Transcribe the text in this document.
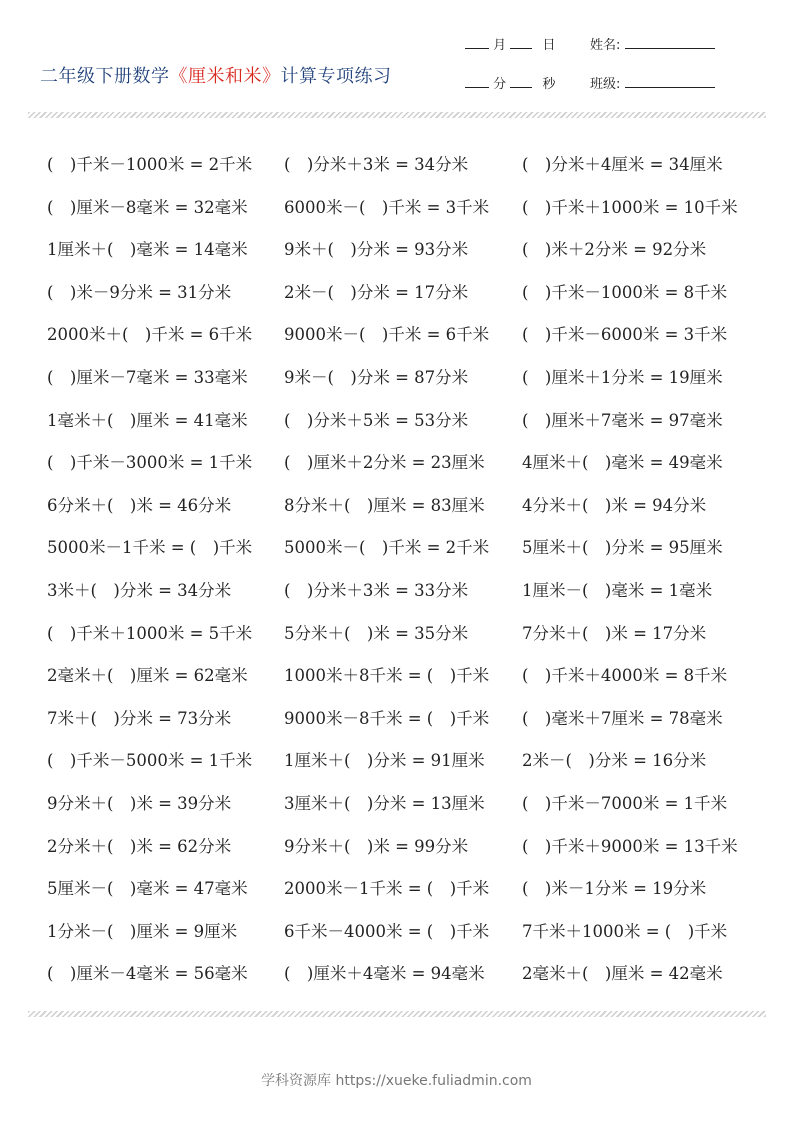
二年级下册数学《厘米和米》计算专项练习
月	日	姓名:
分	秒	班级:
(　)千米－1000米 = 2千米	(　)分米＋3米 = 34分米	(　)分米＋4厘米 = 34厘米
(　)厘米－8毫米 = 32毫米	6000米－(　)千米 = 3千米	(　)千米＋1000米 = 10千米
1厘米＋(　)毫米 = 14毫米	9米＋(　)分米 = 93分米	(　)米＋2分米 = 92分米
(　)米－9分米 = 31分米	2米－(　)分米 = 17分米	(　)千米－1000米 = 8千米
2000米＋(　)千米 = 6千米	9000米－(　)千米 = 6千米	(　)千米－6000米 = 3千米
(　)厘米－7毫米 = 33毫米	9米－(　)分米 = 87分米	(　)厘米＋1分米 = 19厘米
1毫米＋(　)厘米 = 41毫米	(　)分米＋5米 = 53分米	(　)厘米＋7毫米 = 97毫米
(　)千米－3000米 = 1千米	(　)厘米＋2分米 = 23厘米	4厘米＋(　)毫米 = 49毫米
6分米＋(　)米 = 46分米	8分米＋(　)厘米 = 83厘米	4分米＋(　)米 = 94分米
5000米－1千米 = (　)千米	5000米－(　)千米 = 2千米	5厘米＋(　)分米 = 95厘米
3米＋(　)分米 = 34分米	(　)分米＋3米 = 33分米	1厘米－(　)毫米 = 1毫米
(　)千米＋1000米 = 5千米	5分米＋(　)米 = 35分米	7分米＋(　)米 = 17分米
2毫米＋(　)厘米 = 62毫米	1000米＋8千米 = (　)千米	(　)千米＋4000米 = 8千米
7米＋(　)分米 = 73分米	9000米－8千米 = (　)千米	(　)毫米＋7厘米 = 78毫米
(　)千米－5000米 = 1千米	1厘米＋(　)分米 = 91厘米	2米－(　)分米 = 16分米
9分米＋(　)米 = 39分米	3厘米＋(　)分米 = 13厘米	(　)千米－7000米 = 1千米
2分米＋(　)米 = 62分米	9分米＋(　)米 = 99分米	(　)千米＋9000米 = 13千米
5厘米－(　)毫米 = 47毫米	2000米－1千米 = (　)千米	(　)米－1分米 = 19分米
1分米－(　)厘米 = 9厘米	6千米－4000米 = (　)千米	7千米＋1000米 = (　)千米
(　)厘米－4毫米 = 56毫米	(　)厘米＋4毫米 = 94毫米	2毫米＋(　)厘米 = 42毫米
学科资源库 https://xueke.fuliadmin.com
